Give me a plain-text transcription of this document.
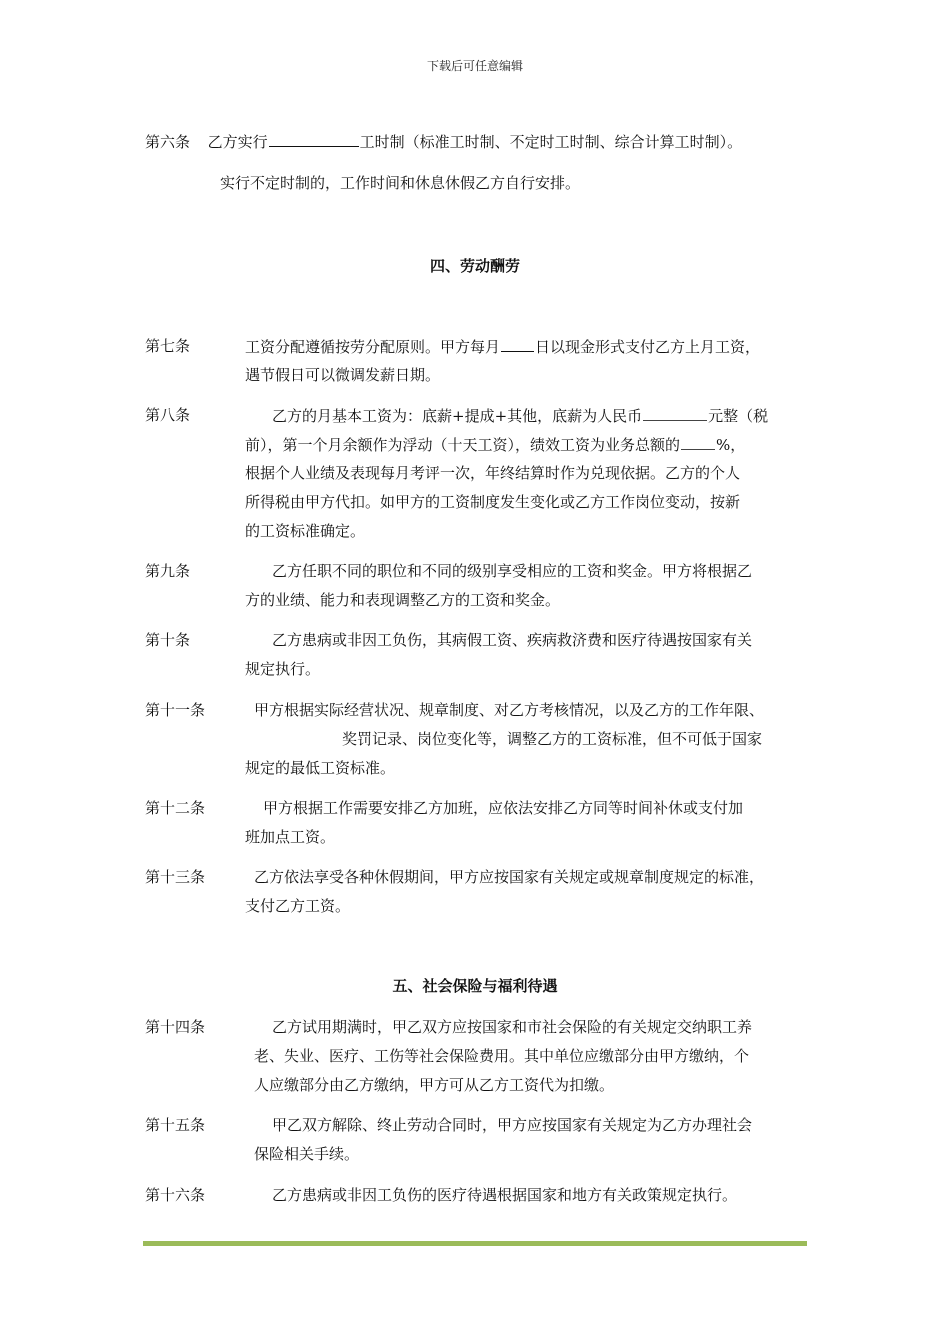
下载后可任意编辑
第六条 乙方实行	工时制（标准工时制、不定时工时制、综合计算工时制）。
实行不定时制的，工作时间和休息休假乙方自行安排。
四、劳动酬劳
第七条	工资分配遵循按劳分配原则。甲方每月 日以现金形式支付乙方上月工资，
遇节假日可以微调发薪日期。
第八条	乙方的月基本工资为：底薪+提成+其他，底薪为人民币	元整（税
前），第一个月余额作为浮动（十天工资），绩效工资为业务总额的 %，
根据个人业绩及表现每月考评一次，年终结算时作为兑现依据。乙方的个人
所得税由甲方代扣。如甲方的工资制度发生变化或乙方工作岗位变动，按新
的工资标准确定。
第九条	乙方任职不同的职位和不同的级别享受相应的工资和奖金。甲方将根据乙
方的业绩、能力和表现调整乙方的工资和奖金。
第十条	乙方患病或非因工负伤，其病假工资、疾病救济费和医疗待遇按国家有关
规定执行。
第十一条	甲方根据实际经营状况、规章制度、对乙方考核情况，以及乙方的工作年限、
奖罚记录、岗位变化等，调整乙方的工资标准，但不可低于国家
规定的最低工资标准。
第十二条	甲方根据工作需要安排乙方加班，应依法安排乙方同等时间补休或支付加
班加点工资。
第十三条	乙方依法享受各种休假期间，甲方应按国家有关规定或规章制度规定的标准，
支付乙方工资。
五、社会保险与福利待遇
第十四条	乙方试用期满时，甲乙双方应按国家和市社会保险的有关规定交纳职工养
老、失业、医疗、工伤等社会保险费用。其中单位应缴部分由甲方缴纳，个
人应缴部分由乙方缴纳，甲方可从乙方工资代为扣缴。
第十五条	甲乙双方解除、终止劳动合同时，甲方应按国家有关规定为乙方办理社会
保险相关手续。
第十六条	乙方患病或非因工负伤的医疗待遇根据国家和地方有关政策规定执行。
